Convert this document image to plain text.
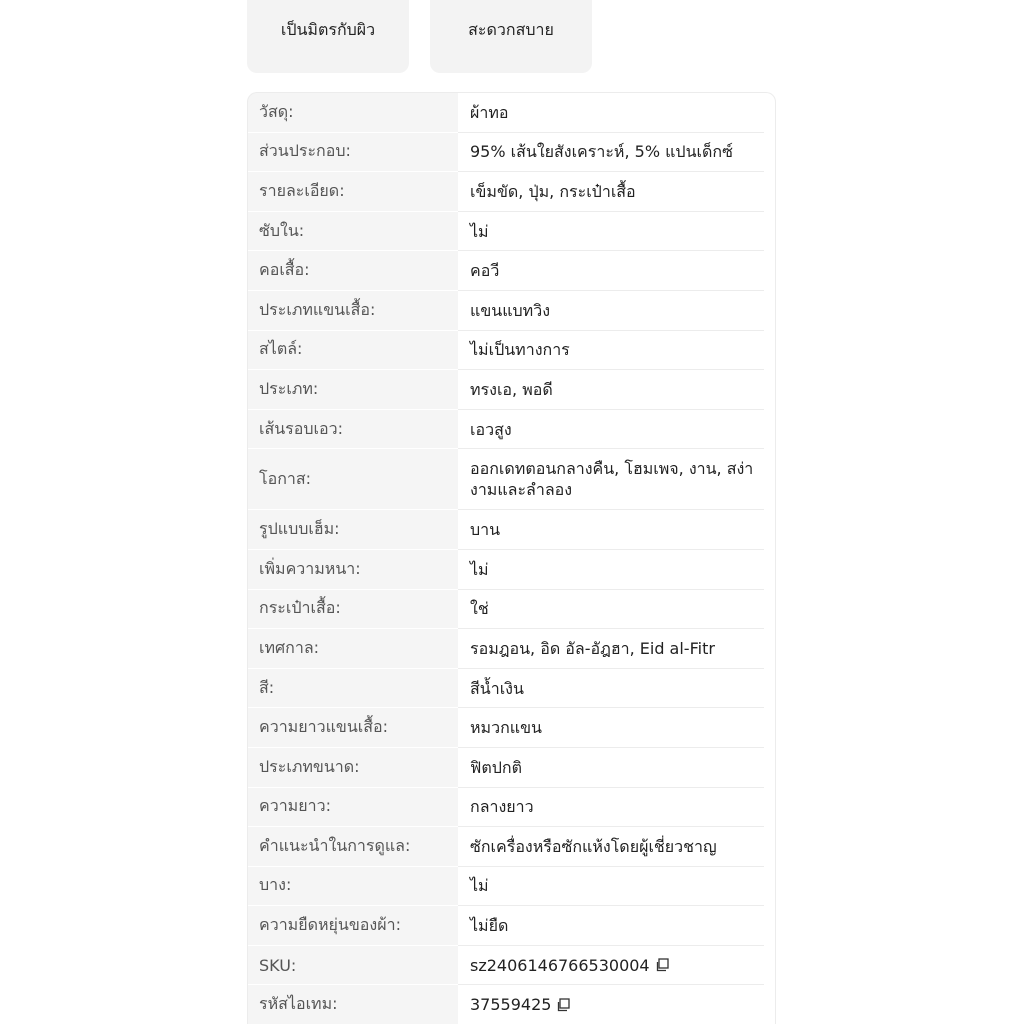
เป็นมิตรกับผิว	สะดวกสบาย
วัสดุ:	ผ้าทอ
ส่วนประกอบ:	95% เส้นใยสังเคราะห์, 5% แปนเด็กซ์
รายละเอียด:	เข็มขัด, ปุ่ม, กระเป๋าเสื้อ
ซับใน:	ไม่
คอเสื้อ:	คอวี
ประเภทแขนเสื้อ:	แขนแบทวิง
สไตล์:	ไม่เป็นทางการ
ประเภท:	ทรงเอ, พอดี
เส้นรอบเอว:	เอวสูง
โอกาส:	ออกเดทตอนกลางคืน, โฮมเพจ, งาน, สง่างามและลำลอง
รูปแบบเฮ็ม:	บาน
เพิ่มความหนา:	ไม่
กระเป๋าเสื้อ:	ใช่
เทศกาล:	รอมฎอน, อิด อัล-อัฎฮา, Eid al-Fitr
สี:	สีน้ำเงิน
ความยาวแขนเสื้อ:	หมวกแขน
ประเภทขนาด:	ฟิตปกติ
ความยาว:	กลางยาว
คำแนะนำในการดูแล:	ซักเครื่องหรือซักแห้งโดยผู้เชี่ยวชาญ
บาง:	ไม่
ความยืดหยุ่นของผ้า:	ไม่ยืด
SKU:	sz2406146766530004
รหัสไอเทม:	37559425
